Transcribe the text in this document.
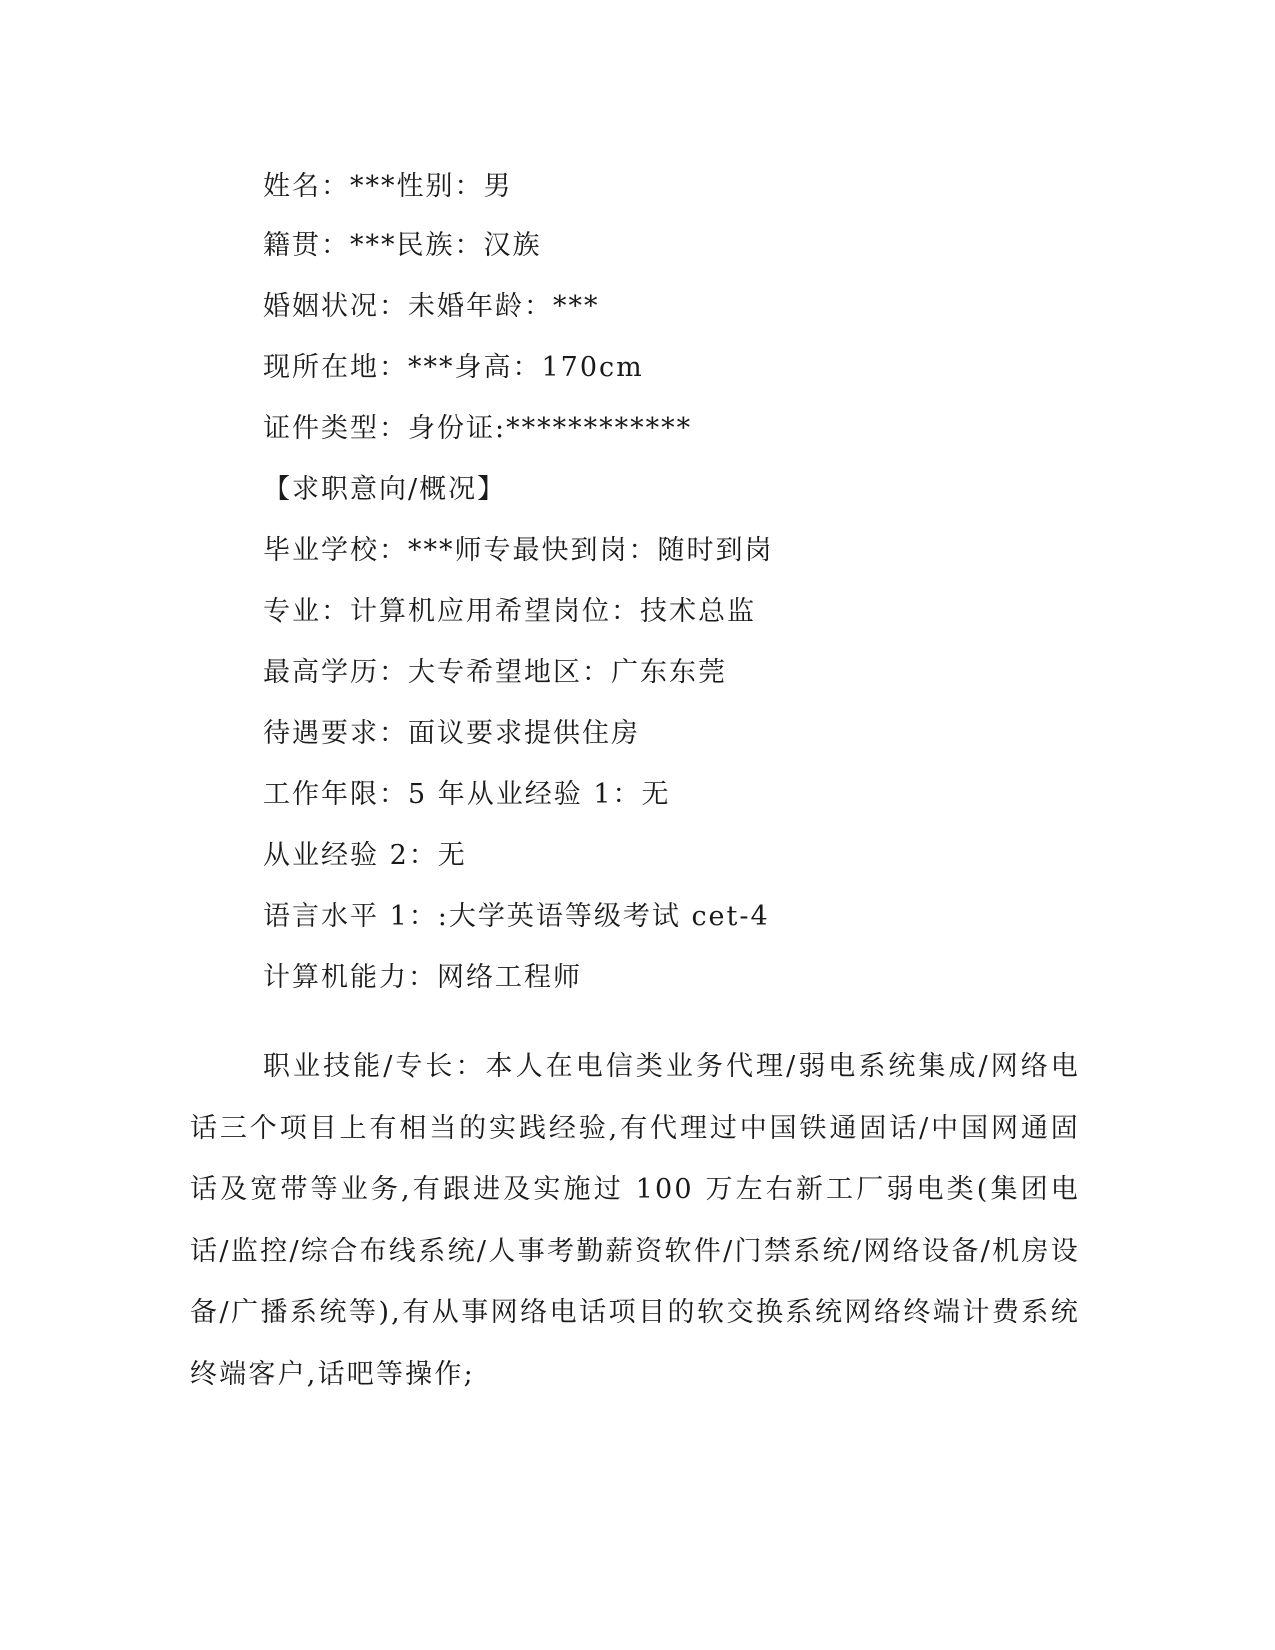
姓名：***性别：男
籍贯：***民族：汉族
婚姻状况：未婚年龄：***
现所在地：***身高：170cm
证件类型：身份证:************
【求职意向/概况】
毕业学校：***师专最快到岗：随时到岗
专业：计算机应用希望岗位：技术总监
最高学历：大专希望地区：广东东莞
待遇要求：面议要求提供住房
工作年限：5 年从业经验 1：无
从业经验 2：无
语言水平 1：:大学英语等级考试 cet-4
计算机能力：网络工程师
职业技能/专长：本人在电信类业务代理/弱电系统集成/网络电话三个项目上有相当的实践经验,有代理过中国铁通固话/中国网通固话及宽带等业务,有跟进及实施过 100 万左右新工厂弱电类(集团电话/监控/综合布线系统/人事考勤薪资软件/门禁系统/网络设备/机房设备/广播系统等),有从事网络电话项目的软交换系统网络终端计费系统终端客户,话吧等操作;
